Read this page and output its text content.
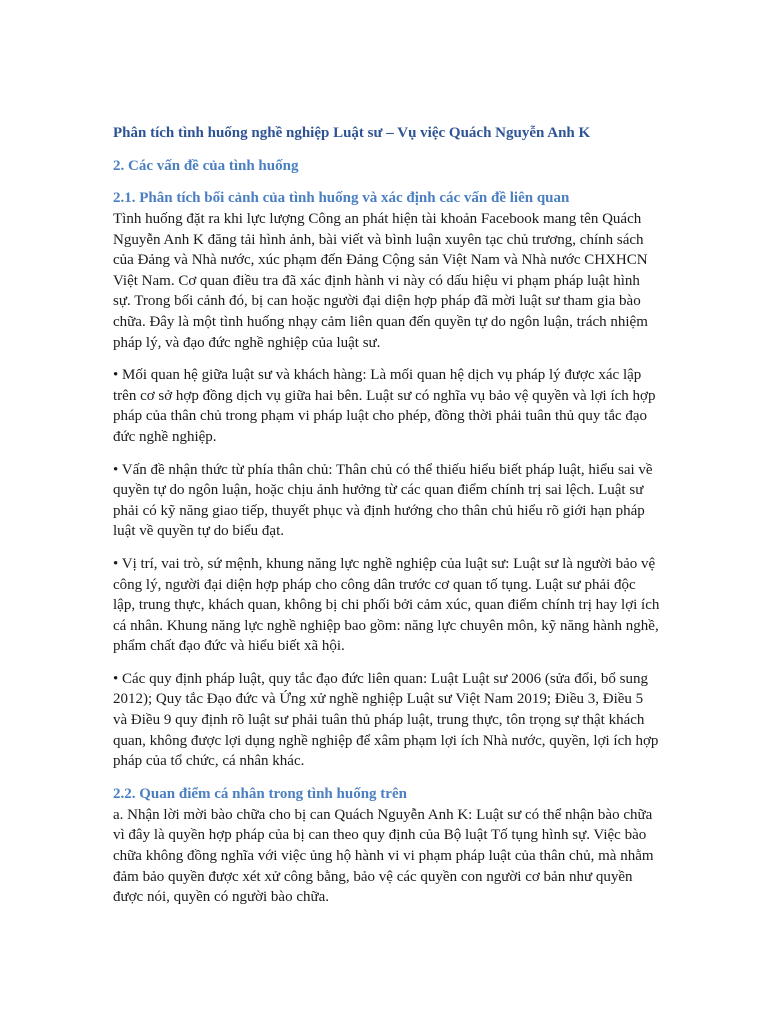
Phân tích tình huống nghề nghiệp Luật sư – Vụ việc Quách Nguyễn Anh K
2. Các vấn đề của tình huống
2.1. Phân tích bối cảnh của tình huống và xác định các vấn đề liên quan

Tình huống đặt ra khi lực lượng Công an phát hiện tài khoản Facebook mang tên Quách Nguyễn Anh K đăng tải hình ảnh, bài viết và bình luận xuyên tạc chủ trương, chính sách của Đảng và Nhà nước, xúc phạm đến Đảng Cộng sản Việt Nam và Nhà nước CHXHCN Việt Nam. Cơ quan điều tra đã xác định hành vi này có dấu hiệu vi phạm pháp luật hình sự. Trong bối cảnh đó, bị can hoặc người đại diện hợp pháp đã mời luật sư tham gia bào chữa. Đây là một tình huống nhạy cảm liên quan đến quyền tự do ngôn luận, trách nhiệm pháp lý, và đạo đức nghề nghiệp của luật sư.

• Mối quan hệ giữa luật sư và khách hàng: Là mối quan hệ dịch vụ pháp lý được xác lập trên cơ sở hợp đồng dịch vụ giữa hai bên. Luật sư có nghĩa vụ bảo vệ quyền và lợi ích hợp pháp của thân chủ trong phạm vi pháp luật cho phép, đồng thời phải tuân thủ quy tắc đạo đức nghề nghiệp.

• Vấn đề nhận thức từ phía thân chủ: Thân chủ có thể thiếu hiểu biết pháp luật, hiểu sai về quyền tự do ngôn luận, hoặc chịu ảnh hưởng từ các quan điểm chính trị sai lệch. Luật sư phải có kỹ năng giao tiếp, thuyết phục và định hướng cho thân chủ hiểu rõ giới hạn pháp luật về quyền tự do biểu đạt.

• Vị trí, vai trò, sứ mệnh, khung năng lực nghề nghiệp của luật sư: Luật sư là người bảo vệ công lý, người đại diện hợp pháp cho công dân trước cơ quan tố tụng. Luật sư phải độc lập, trung thực, khách quan, không bị chi phối bởi cảm xúc, quan điểm chính trị hay lợi ích cá nhân. Khung năng lực nghề nghiệp bao gồm: năng lực chuyên môn, kỹ năng hành nghề, phẩm chất đạo đức và hiểu biết xã hội.

• Các quy định pháp luật, quy tắc đạo đức liên quan: Luật Luật sư 2006 (sửa đổi, bổ sung 2012); Quy tắc Đạo đức và Ứng xử nghề nghiệp Luật sư Việt Nam 2019; Điều 3, Điều 5 và Điều 9 quy định rõ luật sư phải tuân thủ pháp luật, trung thực, tôn trọng sự thật khách quan, không được lợi dụng nghề nghiệp để xâm phạm lợi ích Nhà nước, quyền, lợi ích hợp pháp của tổ chức, cá nhân khác.

2.2. Quan điểm cá nhân trong tình huống trên

a. Nhận lời mời bào chữa cho bị can Quách Nguyễn Anh K: Luật sư có thể nhận bào chữa vì đây là quyền hợp pháp của bị can theo quy định của Bộ luật Tố tụng hình sự. Việc bào chữa không đồng nghĩa với việc ủng hộ hành vi vi phạm pháp luật của thân chủ, mà nhằm đảm bảo quyền được xét xử công bằng, bảo vệ các quyền con người cơ bản như quyền được nói, quyền có người bào chữa.
